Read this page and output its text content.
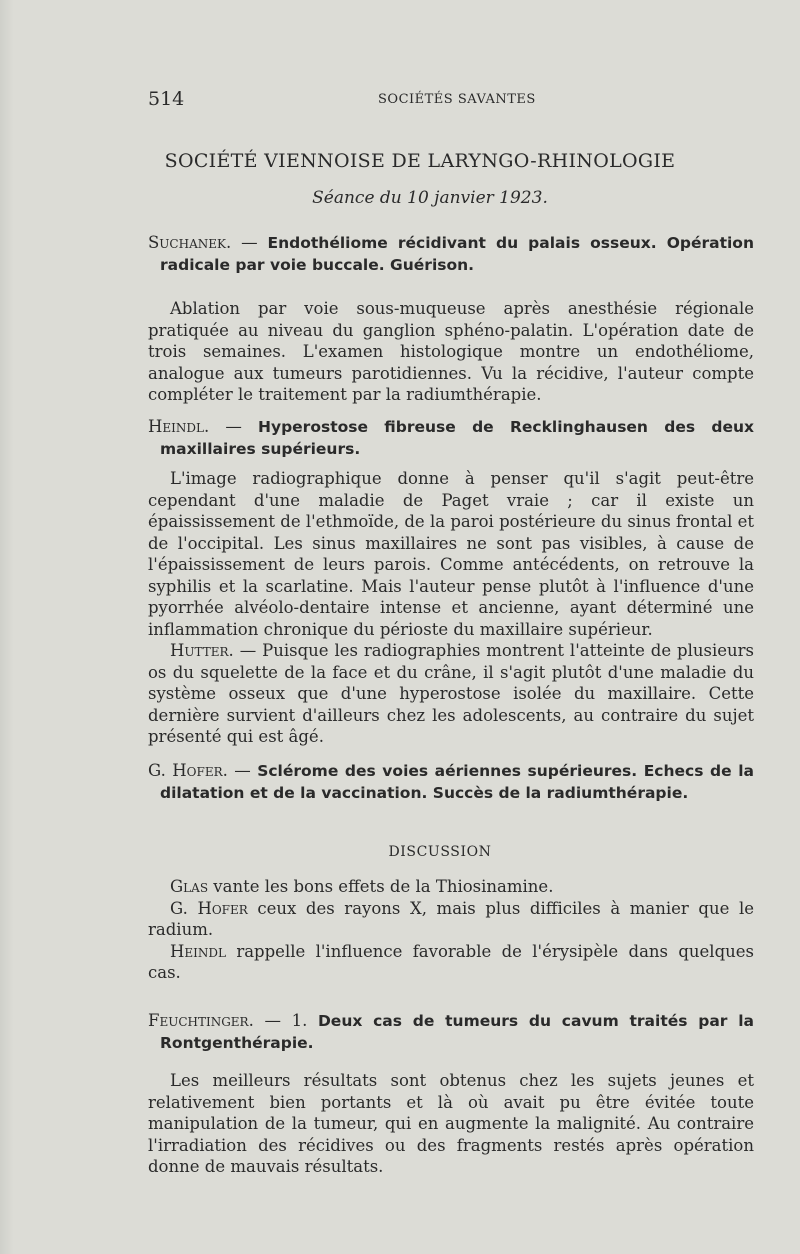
514	SOCIÉTÉS SAVANTES
SOCIÉTÉ VIENNOISE DE LARYNGO-RHINOLOGIE
Séance du 10 janvier 1923.

Suchanek. — Endothéliome récidivant du palais osseux. Opération radicale par voie buccale. Guérison.

Ablation par voie sous-muqueuse après anesthésie régionale pratiquée au niveau du ganglion sphéno-palatin. L'opération date de trois semaines. L'examen histologique montre un endothéliome, analogue aux tumeurs parotidiennes. Vu la récidive, l'auteur compte compléter le traitement par la radiumthérapie.

Heindl. — Hyperostose fibreuse de Recklinghausen des deux maxillaires supérieurs.

L'image radiographique donne à penser qu'il s'agit peut-être cependant d'une maladie de Paget vraie ; car il existe un épaississement de l'ethmoïde, de la paroi postérieure du sinus frontal et de l'occipital. Les sinus maxillaires ne sont pas visibles, à cause de l'épaississement de leurs parois. Comme antécédents, on retrouve la syphilis et la scarlatine. Mais l'auteur pense plutôt à l'influence d'une pyorrhée alvéolo-dentaire intense et ancienne, ayant déterminé une inflammation chronique du périoste du maxillaire supérieur.

Hutter. — Puisque les radiographies montrent l'atteinte de plusieurs os du squelette de la face et du crâne, il s'agit plutôt d'une maladie du système osseux que d'une hyperostose isolée du maxillaire. Cette dernière survient d'ailleurs chez les adolescents, au contraire du sujet présenté qui est âgé.

G. Hofer. — Sclérome des voies aériennes supérieures. Echecs de la dilatation et de la vaccination. Succès de la radiumthérapie.

DISCUSSION

Glas vante les bons effets de la Thiosinamine.

G. Hofer ceux des rayons X, mais plus difficiles à manier que le radium.

Heindl rappelle l'influence favorable de l'érysipèle dans quelques cas.

Feuchtinger. — 1. Deux cas de tumeurs du cavum traités par la Rontgenthérapie.

Les meilleurs résultats sont obtenus chez les sujets jeunes et relativement bien portants et là où avait pu être évitée toute manipulation de la tumeur, qui en augmente la malignité. Au contraire l'irradiation des récidives ou des fragments restés après opération donne de mauvais résultats.
